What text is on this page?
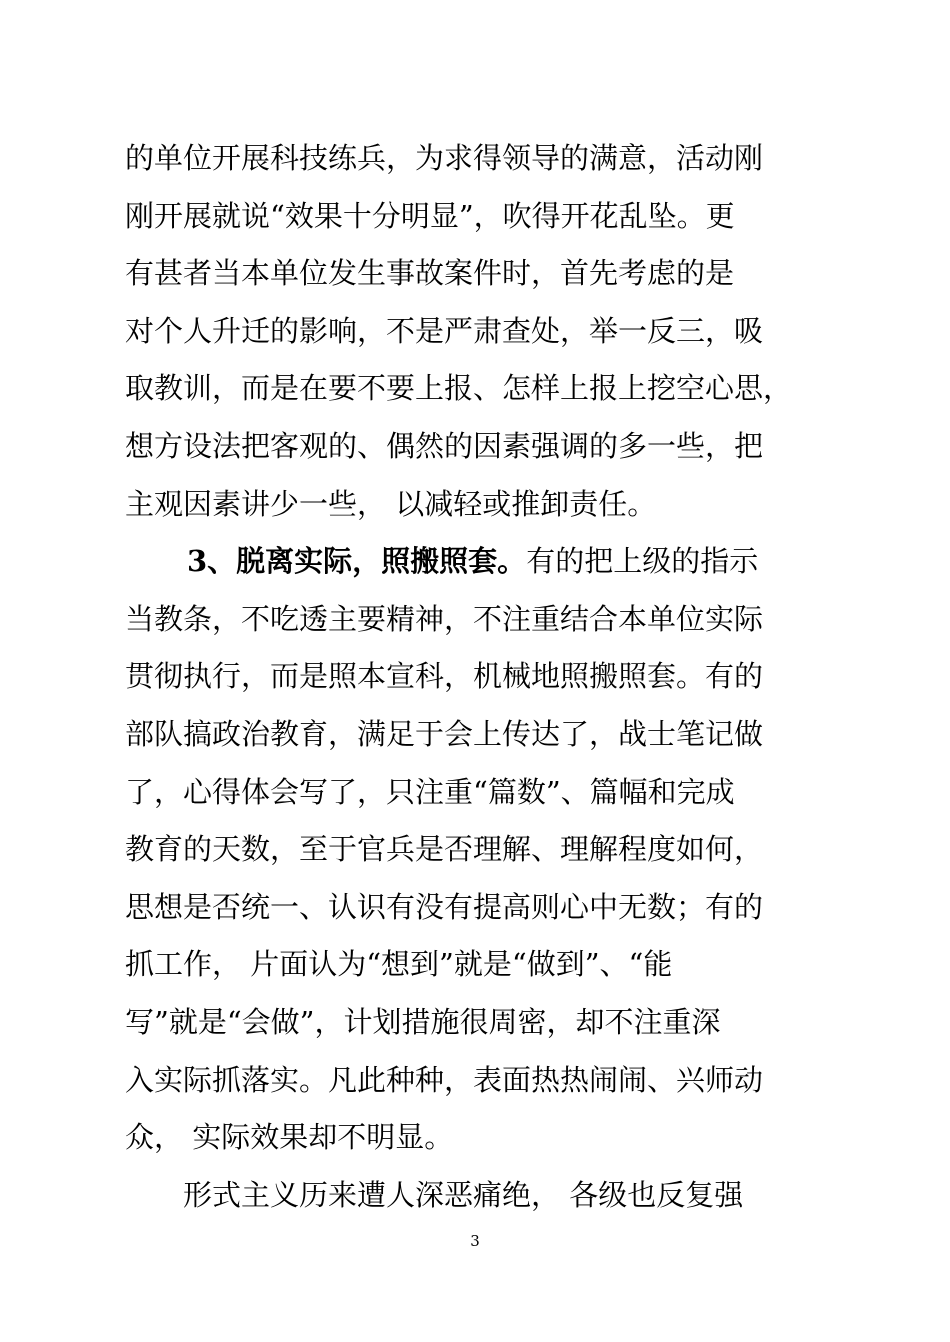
的单位开展科技练兵，为求得领导的满意，活动刚
刚开展就说“效果十分明显”，吹得开花乱坠。更
有甚者当本单位发生事故案件时，首先考虑的是
对个人升迁的影响，不是严肃查处，举一反三，吸
取教训，而是在要不要上报、怎样上报上挖空心思，
想方设法把客观的、偶然的因素强调的多一些，把
主观因素讲少一些， 以减轻或推卸责任。
3、脱离实际，照搬照套。有的把上级的指示
当教条，不吃透主要精神，不注重结合本单位实际
贯彻执行，而是照本宣科，机械地照搬照套。有的
部队搞政治教育，满足于会上传达了，战士笔记做
了，心得体会写了，只注重“篇数”、篇幅和完成
教育的天数，至于官兵是否理解、理解程度如何，
思想是否统一、认识有没有提高则心中无数；有的
抓工作， 片面认为“想到”就是“做到”、“能
写”就是“会做”，计划措施很周密，却不注重深
入实际抓落实。凡此种种，表面热热闹闹、兴师动
众， 实际效果却不明显。
形式主义历来遭人深恶痛绝， 各级也反复强
3
